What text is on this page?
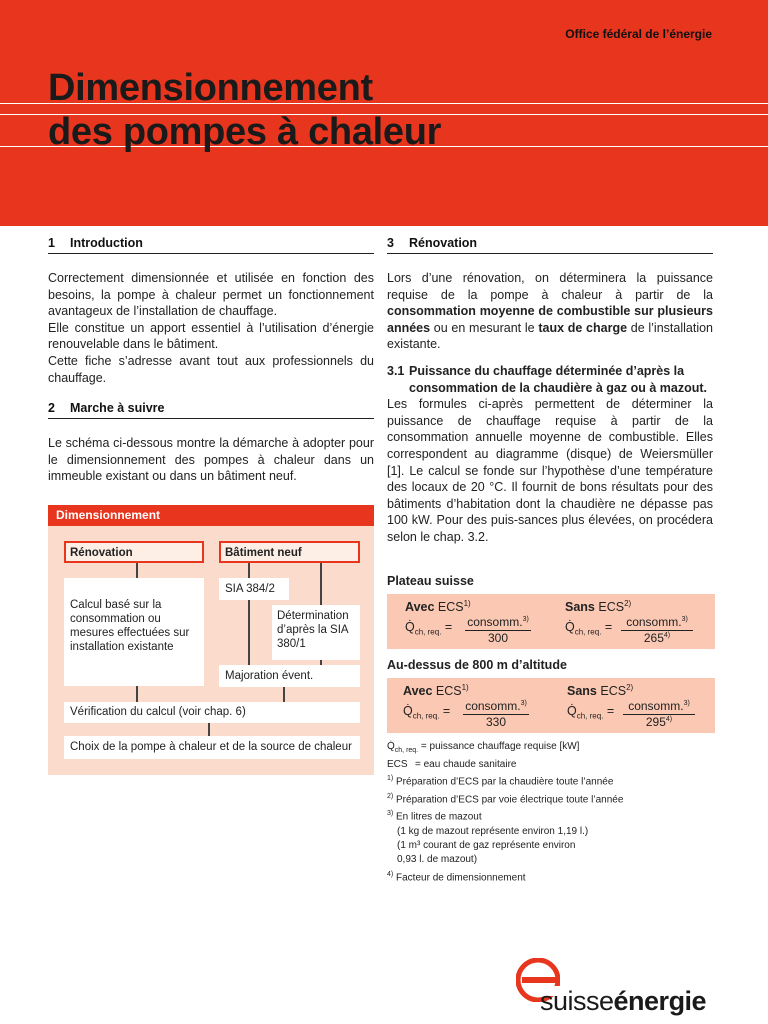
Office fédéral de l’énergie
Dimensionnement
des pompes à chaleur
1 Introduction

Correctement dimensionnée et utilisée en fonction des besoins, la pompe à chaleur permet un fonctionnement avantageux de l’installation de chauffage.

Elle constitue un apport essentiel à l’utilisation d’énergie renouvelable dans le bâtiment.

Cette fiche s’adresse avant tout aux professionnels du chauffage.

2 Marche à suivre

Le schéma ci-dessous montre la démarche à adopter pour le dimensionnement des pompes à chaleur dans un immeuble existant ou dans un bâtiment neuf.

Dimensionnement
Rénovation	Bâtiment neuf
Calcul basé sur la consommation ou mesures effectuées sur installation existante
SIA 384/2
Détermination d’après la SIA 380/1
Majoration évent.
Vérification du calcul (voir chap. 6)
Choix de la pompe à chaleur et de la source de chaleur
3 Rénovation

Lors d’une rénovation, on déterminera la puissance requise de la pompe à chaleur à partir de la consommation moyenne de combustible sur plusieurs années ou en mesurant le taux de charge de l’installation existante.

3.1 Puissance du chauffage déterminée d’après la consommation de la chaudière à gaz ou à mazout.

Les formules ci-après permettent de déterminer la puissance de chauffage requise à partir de la consommation annuelle moyenne de combustible. Elles correspondent au diagramme (disque) de Weiersmüller [1]. Le calcul se fonde sur l’hypothèse d’une température des locaux de 20 °C. Il fournit de bons résultats pour des bâtiments d’habitation dont la chaudière ne dépasse pas 100 kW. Pour des puis-sances plus élevées, on procédera selon le chap. 3.2.

Plateau suisse
Avec ECS$^{1)}$
$Q̇_{ch, req.}$ = consomm.$^{3)}$
300
Sans ECS$^{2)}$
$Q̇_{ch, req.}$ =	consomm.$^{3)}$
265$^{4)}$
Au-dessus de 800 m d’altitude
Avec ECS$^{1)}$
$Q̇_{ch, req.}$ = consomm.$^{3)}$
330
Sans ECS$^{2)}$
$Q̇_{ch, req.}$ =	consomm.$^{3)}$
295$^{4)}$
$Q̇_{ch, req.}$ = puissance chauffage requise [kW]
ECS = eau chaude sanitaire
$^{1)}$ Préparation d’ECS par la chaudière toute l’année
$^{2)}$ Préparation d’ECS par voie électrique toute l’année
$^{3)}$ En litres de mazout
(1 kg de mazout représente environ 1,19 l.)
(1 m³ courant de gaz représente environ
0,93 l. de mazout)
$^{4)}$ Facteur de dimensionnement
suisseénergie
